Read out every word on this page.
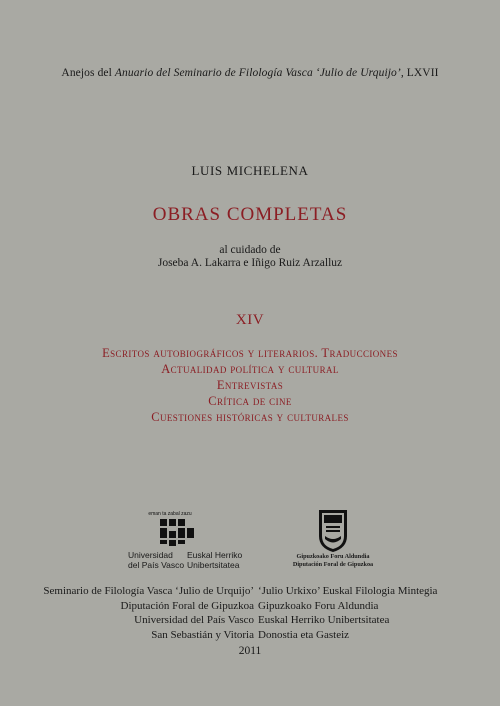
Anejos del Anuario del Seminario de Filología Vasca ‘Julio de Urquijo’, LXVII
LUIS MICHELENA
OBRAS COMPLETAS
al cuidado de
Joseba A. Lakarra e Iñigo Ruiz Arzalluz
XIV
Escritos autobiográficos y literarios. Traducciones
Actualidad política y cultural
Entrevistas
Crítica de cine
Cuestiones históricas y culturales
eman ta zabal zazu
Universidad
del País Vasco
Euskal Herriko
Unibertsitatea
Gipuzkoako Foru Aldundia
Diputación Foral de Gipuzkoa
Seminario de Filología Vasca ‘Julio de Urquijo’
Diputación Foral de Gipuzkoa
Universidad del País Vasco
San Sebastián y Vitoria
‘Julio Urkixo’ Euskal Filologia Mintegia
Gipuzkoako Foru Aldundia
Euskal Herriko Unibertsitatea
Donostia eta Gasteiz
2011
